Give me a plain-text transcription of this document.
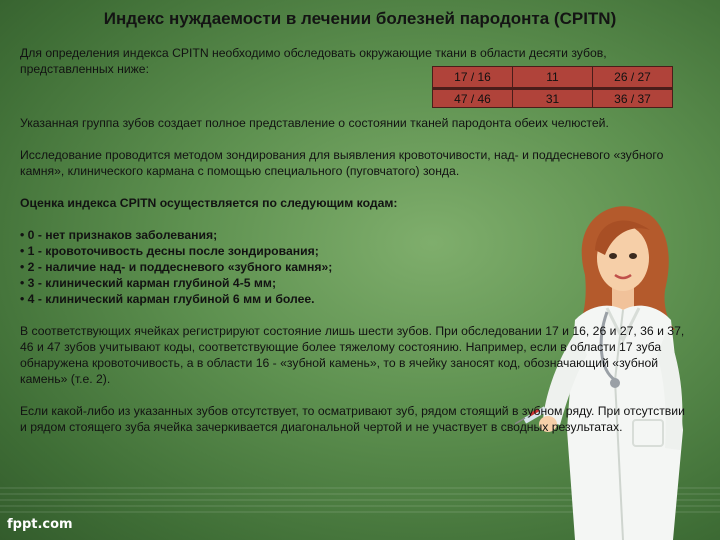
Индекс нуждаемости в лечении болезней пародонта (CPITN)
Для определения индекса CPITN необходимо обследовать окружающие ткани в области десяти зубов,
представленных ниже:
17 / 16	11	26 / 27
47 / 46	31	36 / 37

Указанная группа зубов создает полное представление о состоянии тканей пародонта обеих челюстей.

Исследование проводится методом зондирования для выявления кровоточивости, над- и поддесневого «зубного камня», клинического кармана с помощью специального (пуговчатого) зонда.

Оценка индекса CPITN осуществляется по следующим кодам:

• 0 - нет признаков заболевания;
• 1 - кровоточивость десны после зондирования;
• 2 - наличие над- и поддесневого «зубного камня»;
• 3 - клинический карман глубиной 4-5 мм;
• 4 - клинический карман глубиной 6 мм и более.

В соответствующих ячейках регистрируют состояние лишь шести зубов. При обследовании 17 и 16, 26 и 27, 36 и 37, 46 и 47 зубов учитывают коды, соответствующие более тяжелому состоянию. Например, если в области 17 зуба обнаружена кровоточивость, а в области 16 - «зубной камень», то в ячейку заносят код, обозначающий «зубной камень» (т.е. 2).

Если какой-либо из указанных зубов отсутствует, то осматривают зуб, рядом стоящий в зубном ряду. При отсутствии и рядом стоящего зуба ячейка зачеркивается диагональной чертой и не участвует в сводных результатах.

fppt.com
